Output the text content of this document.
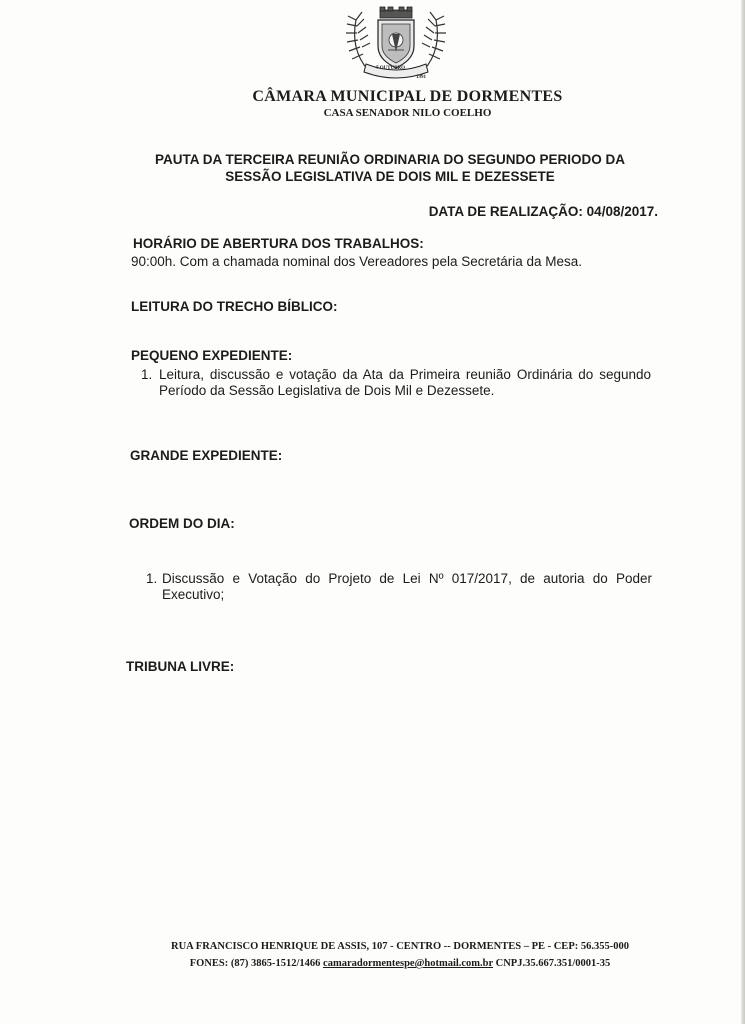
7 OUTUBRO
1991
CÂMARA MUNICIPAL DE DORMENTES
CASA SENADOR NILO COELHO
PAUTA DA TERCEIRA REUNIÃO ORDINARIA DO SEGUNDO PERIODO DA
SESSÃO LEGISLATIVA DE DOIS MIL E DEZESSETE
DATA DE REALIZAÇÃO: 04/08/2017.
HORÁRIO DE ABERTURA DOS TRABALHOS:
90:00h. Com a chamada nominal dos Vereadores pela Secretária da Mesa.
LEITURA DO TRECHO BÍBLICO:
PEQUENO EXPEDIENTE:
1. Leitura, discussão e votação da Ata da Primeira reunião Ordinária do segundo Período da Sessão Legislativa de Dois Mil e Dezessete.
GRANDE EXPEDIENTE:
ORDEM DO DIA:
1. Discussão e Votação do Projeto de Lei Nº 017/2017, de autoria do Poder Executivo;
TRIBUNA LIVRE:
RUA FRANCISCO HENRIQUE DE ASSIS, 107 - CENTRO -- DORMENTES – PE - CEP: 56.355-000
FONES: (87) 3865-1512/1466 camaradormentespe@hotmail.com.br CNPJ.35.667.351/0001-35
